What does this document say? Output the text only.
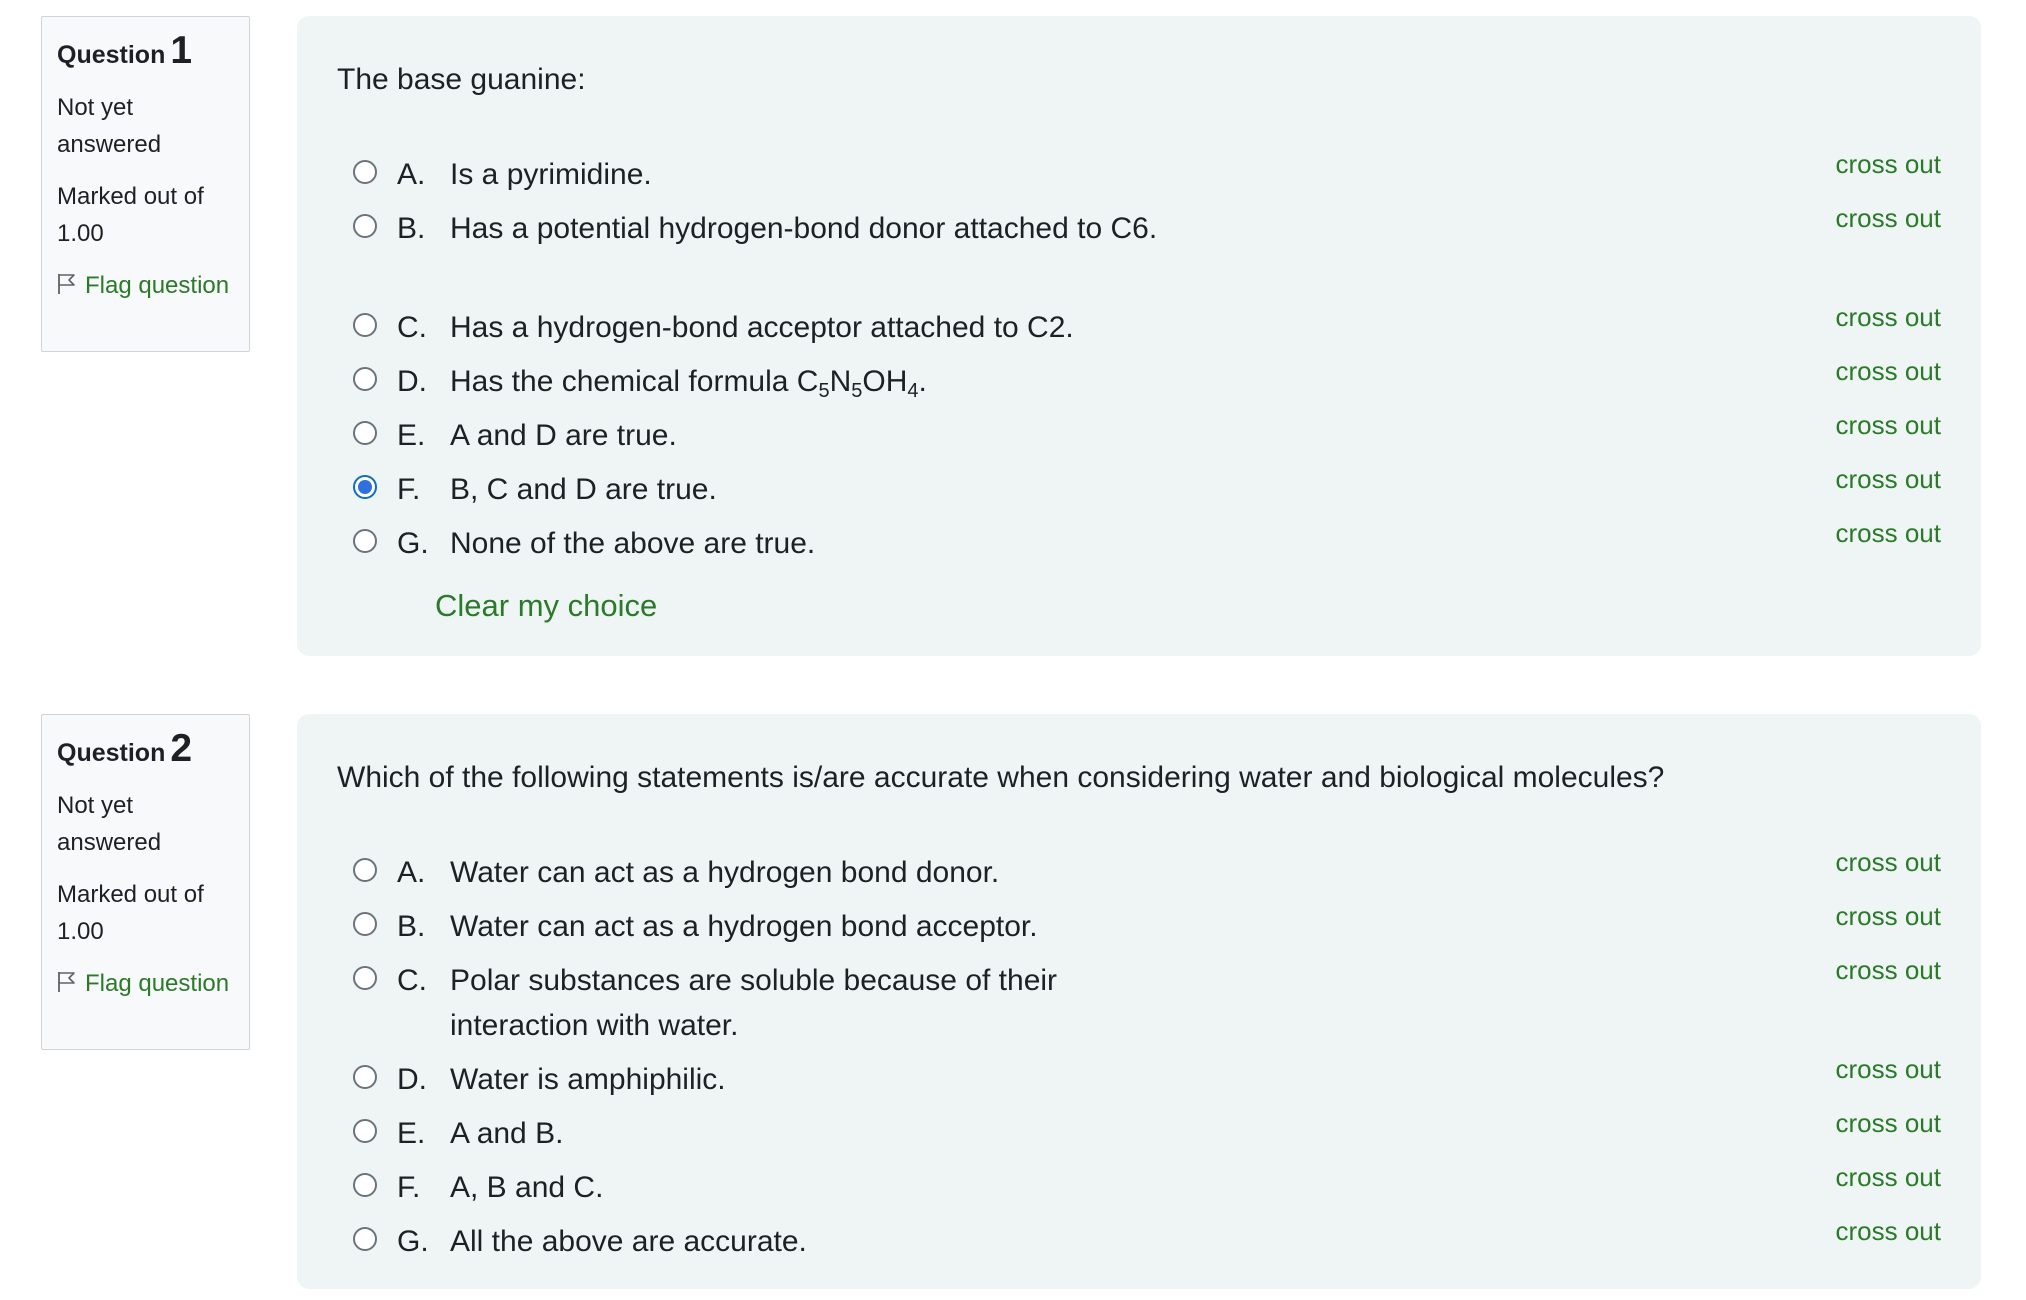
Question 1
Not yet answered
Marked out of 1.00
Flag question
The base guanine:
A. Is a pyrimidine.	cross out
B. Has a potential hydrogen-bond donor attached to C6.	cross out
C. Has a hydrogen-bond acceptor attached to C2.	cross out
D. Has the chemical formula $C_5N_5OH_4$.	cross out
E. A and D are true.	cross out
F. B, C and D are true.	cross out
G. None of the above are true.	cross out
Clear my choice
Question 2
Not yet answered
Marked out of 1.00
Flag question
Which of the following statements is/are accurate when considering water and biological molecules?
A. Water can act as a hydrogen bond donor.	cross out
B. Water can act as a hydrogen bond acceptor.	cross out
C. Polar substances are soluble because of their interaction with water.
cross out
D. Water is amphiphilic.	cross out
E. A and B.	cross out
F. A, B and C.	cross out
G. All the above are accurate.	cross out
